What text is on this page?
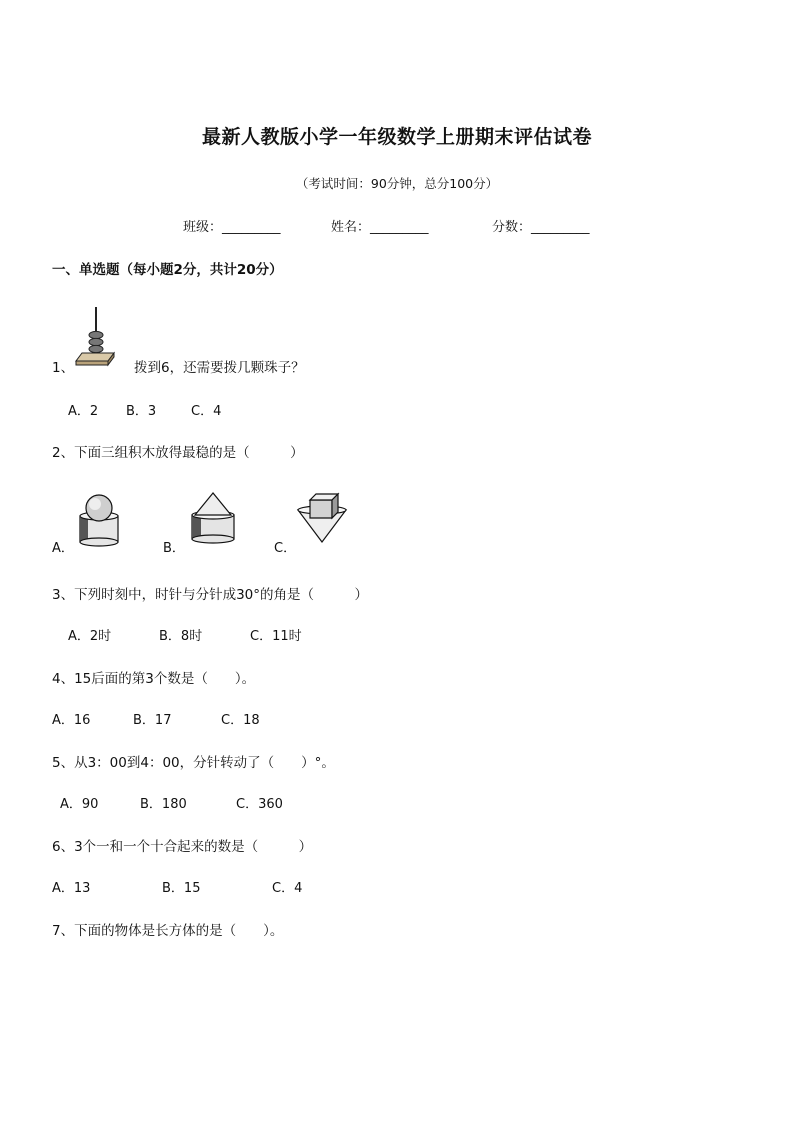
最新人教版小学一年级数学上册期末评估试卷
（考试时间：90分钟，总分100分）
班级：_________	姓名：_________	分数：_________
一、单选题（每小题2分，共计20分）
1、	拨到6，还需要拨几颗珠子？
A．2 B．3	C．4
2、下面三组积木放得最稳的是（　　　）
A．	B．	C．
3、下列时刻中，时针与分针成30°的角是（　　　）
A．2时	B．8时	C．11时
4、15后面的第3个数是（　　）。
A．16	B．17	C．18
5、从3：00到4：00，分针转动了（　　）°。
A．90	B．180	C．360
6、3个一和一个十合起来的数是（　　　）
A．13	B．15	C．4
7、下面的物体是长方体的是（　　）。
